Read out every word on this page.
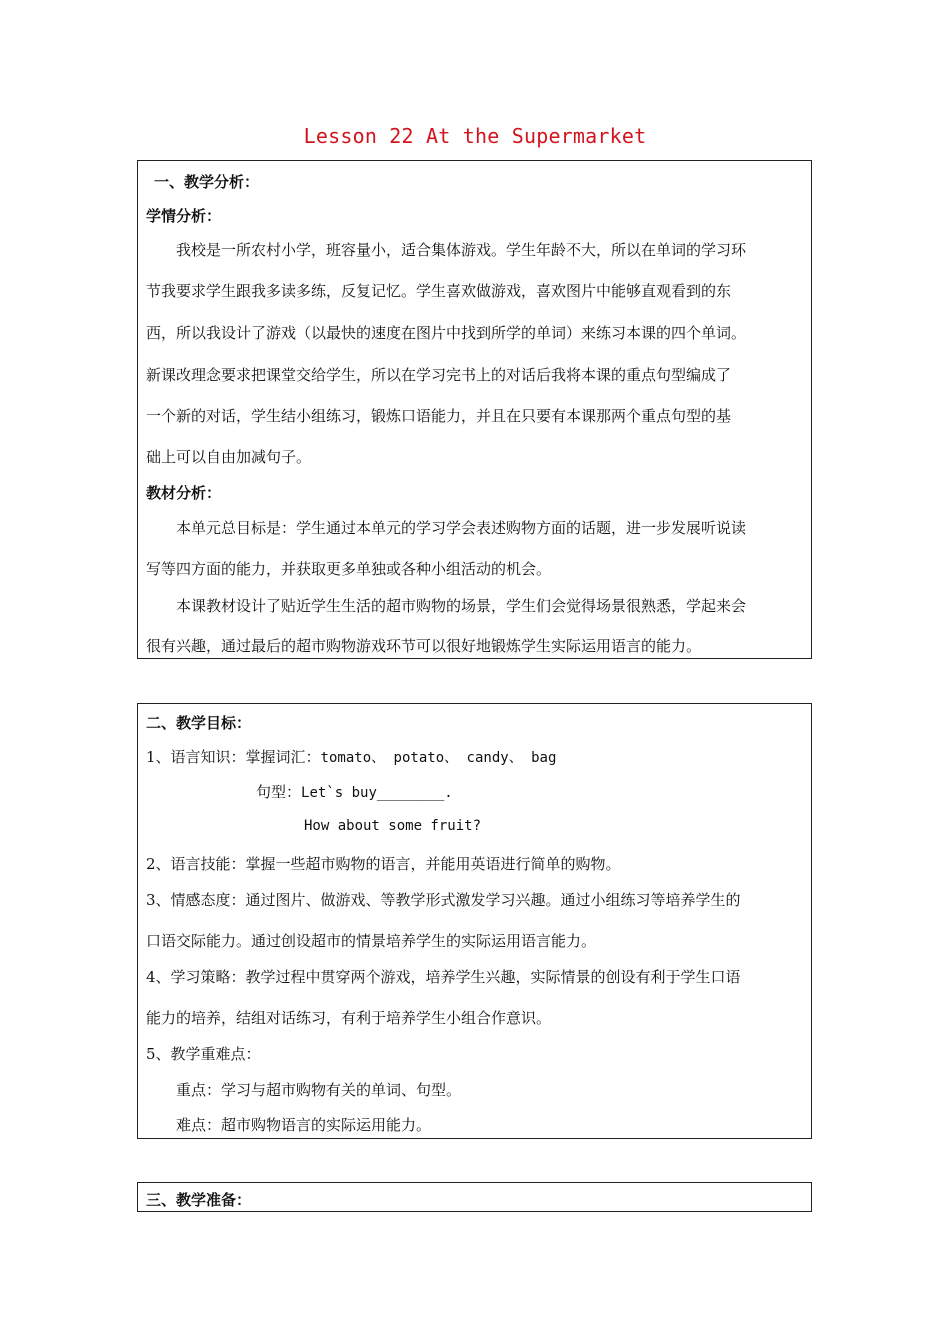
Lesson 22 At the Supermarket
一、教学分析：
学情分析：
我校是一所农村小学，班容量小，适合集体游戏。学生年龄不大，所以在单词的学习环
节我要求学生跟我多读多练，反复记忆。学生喜欢做游戏，喜欢图片中能够直观看到的东
西，所以我设计了游戏（以最快的速度在图片中找到所学的单词）来练习本课的四个单词。
新课改理念要求把课堂交给学生，所以在学习完书上的对话后我将本课的重点句型编成了
一个新的对话，学生结小组练习，锻炼口语能力，并且在只要有本课那两个重点句型的基
础上可以自由加减句子。
教材分析：
本单元总目标是：学生通过本单元的学习学会表述购物方面的话题，进一步发展听说读
写等四方面的能力，并获取更多单独或各种小组活动的机会。
本课教材设计了贴近学生生活的超市购物的场景，学生们会觉得场景很熟悉，学起来会
很有兴趣，通过最后的超市购物游戏环节可以很好地锻炼学生实际运用语言的能力。
二、教学目标：
1、语言知识：掌握词汇：tomato、 potato、 candy、 bag
句型：Let`s buy________.
How about some fruit?
2、语言技能：掌握一些超市购物的语言，并能用英语进行简单的购物。
3、情感态度：通过图片、做游戏、等教学形式激发学习兴趣。通过小组练习等培养学生的
口语交际能力。通过创设超市的情景培养学生的实际运用语言能力。
4、学习策略：教学过程中贯穿两个游戏，培养学生兴趣，实际情景的创设有利于学生口语
能力的培养，结组对话练习，有利于培养学生小组合作意识。
5、教学重难点：
重点：学习与超市购物有关的单词、句型。
难点：超市购物语言的实际运用能力。
三、教学准备：
